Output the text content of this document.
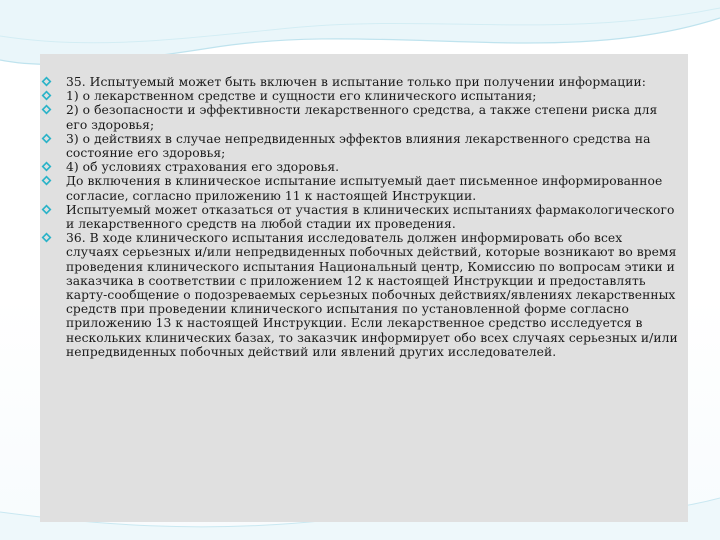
35. Испытуемый может быть включен в испытание только при получении информации:
1) о лекарственном средстве и сущности его клинического испытания;
2) о безопасности и эффективности лекарственного средства, а также степени риска для его здоровья;
3) о действиях в случае непредвиденных эффектов влияния лекарственного средства на состояние его здоровья;
4) об условиях страхования его здоровья.
До включения в клиническое испытание испытуемый дает письменное информированное согласие, согласно приложению 11 к настоящей Инструкции.
Испытуемый может отказаться от участия в клинических испытаниях фармакологического и лекарственного средств на любой стадии их проведения.
36. В ходе клинического испытания исследователь должен информировать обо всех случаях серьезных и/или непредвиденных побочных действий, которые возникают во время проведения клинического испытания Национальный центр, Комиссию по вопросам этики и заказчика в соответствии с приложением 12 к настоящей Инструкции и предоставлять карту-сообщение о подозреваемых серьезных побочных действиях/явлениях лекарственных средств при проведении клинического испытания по установленной форме согласно приложению 13 к настоящей Инструкции. Если лекарственное средство исследуется в нескольких клинических базах, то заказчик информирует обо всех случаях серьезных и/или непредвиденных побочных действий или явлений других исследователей.
